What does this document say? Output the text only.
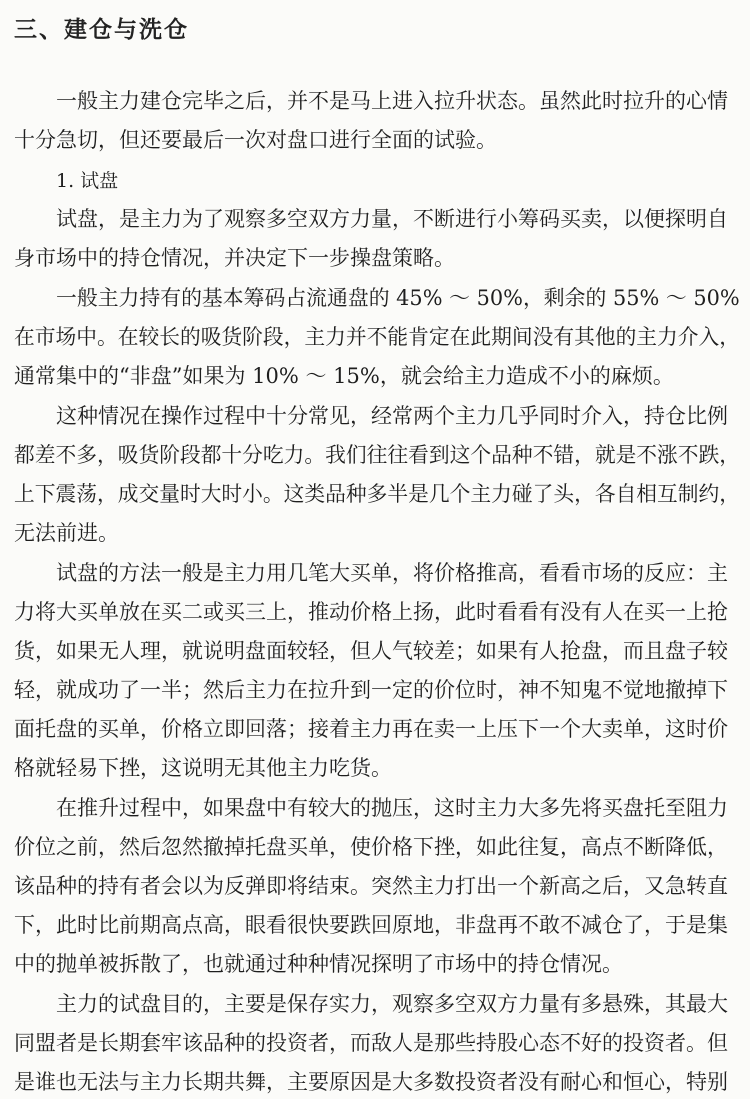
三、建仓与洗仓
一般主力建仓完毕之后，并不是马上进入拉升状态。虽然此时拉升的心情
十分急切，但还要最后一次对盘口进行全面的试验。
1. 试盘
试盘，是主力为了观察多空双方力量，不断进行小筹码买卖，以便探明自
身市场中的持仓情况，并决定下一步操盘策略。
一般主力持有的基本筹码占流通盘的 45% ～ 50%，剩余的 55% ～ 50%
在市场中。在较长的吸货阶段，主力并不能肯定在此期间没有其他的主力介入，
通常集中的“非盘”如果为 10% ～ 15%，就会给主力造成不小的麻烦。
这种情况在操作过程中十分常见，经常两个主力几乎同时介入，持仓比例
都差不多，吸货阶段都十分吃力。我们往往看到这个品种不错，就是不涨不跌，
上下震荡，成交量时大时小。这类品种多半是几个主力碰了头，各自相互制约，
无法前进。
试盘的方法一般是主力用几笔大买单，将价格推高，看看市场的反应：主
力将大买单放在买二或买三上，推动价格上扬，此时看看有没有人在买一上抢
货，如果无人理，就说明盘面较轻，但人气较差；如果有人抢盘，而且盘子较
轻，就成功了一半；然后主力在拉升到一定的价位时，神不知鬼不觉地撤掉下
面托盘的买单，价格立即回落；接着主力再在卖一上压下一个大卖单，这时价
格就轻易下挫，这说明无其他主力吃货。
在推升过程中，如果盘中有较大的抛压，这时主力大多先将买盘托至阻力
价位之前，然后忽然撤掉托盘买单，使价格下挫，如此往复，高点不断降低，
该品种的持有者会以为反弹即将结束。突然主力打出一个新高之后，又急转直
下，此时比前期高点高，眼看很快要跌回原地，非盘再不敢不减仓了，于是集
中的抛单被拆散了，也就通过种种情况探明了市场中的持仓情况。
主力的试盘目的，主要是保存实力，观察多空双方力量有多悬殊，其最大
同盟者是长期套牢该品种的投资者，而敌人是那些持股心态不好的投资者。但
是谁也无法与主力长期共舞，主要原因是大多数投资者没有耐心和恒心，特别
